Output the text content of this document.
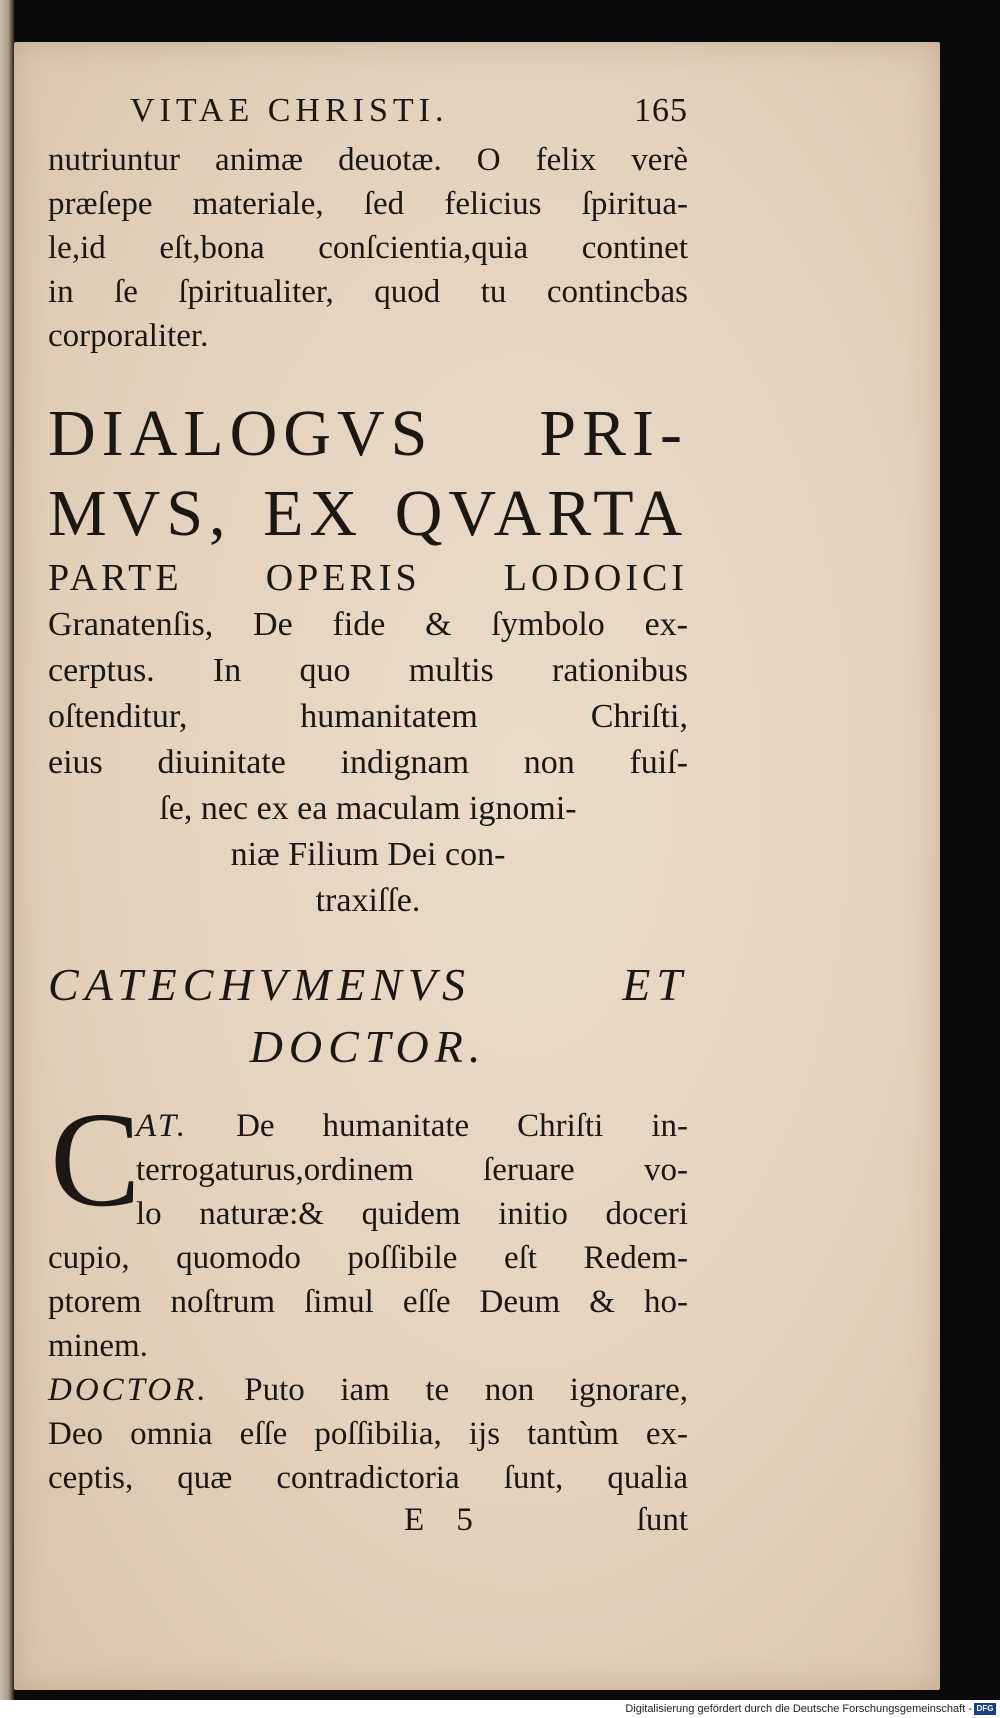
VITAE CHRISTI.	165
nutriuntur animæ deuotæ. O felix verè
præſepe materiale, ſed felicius ſpiritua-
le,id eſt,bona conſcientia,quia continet
in ſe ſpiritualiter, quod tu contincbas
corporaliter.
DIALOGVS PRI-
MVS, EX QVARTA
PARTE OPERIS LODOICI
Granatenſis, De fide & ſymbolo ex-
cerptus. In quo multis rationibus
oſtenditur, humanitatem Chriſti,
eius diuinitate indignam non fuiſ-
ſe, nec ex ea maculam ignomi-
niæ Filium Dei con-
traxiſſe.
CATECHVMENVS ET
DOCTOR.
C
AT. De humanitate Chriſti in-
terrogaturus,ordinem ſeruare vo-
lo naturæ:& quidem initio doceri
cupio, quomodo poſſibile eſt Redem-
ptorem noſtrum ſimul eſſe Deum & ho-
minem.
DOCTOR. Puto iam te non ignorare,
Deo omnia eſſe poſſibilia, ijs tantùm ex-
ceptis, quæ contradictoria ſunt, qualia
E 5	ſunt
Digitalisierung gefördert durch die Deutsche Forschungsgemeinschaft - DFG
